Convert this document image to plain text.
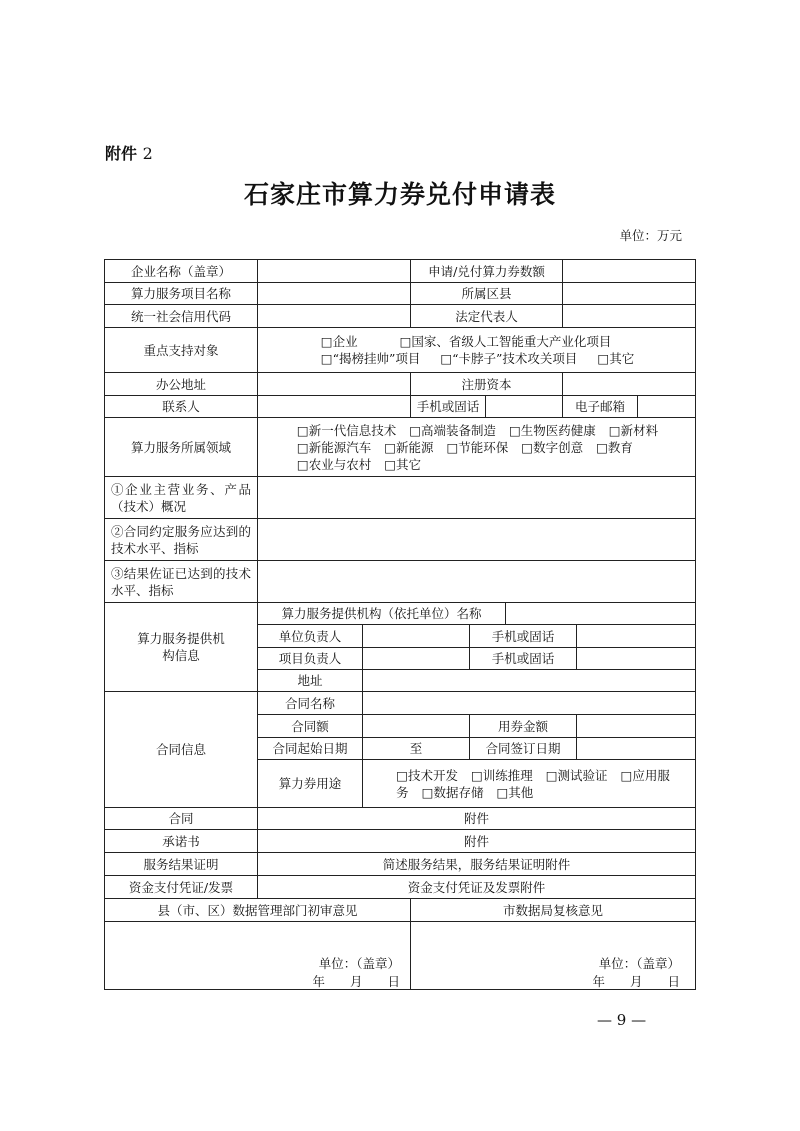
附件 2
石家庄市算力券兑付申请表
单位：万元
企业名称（盖章）	申请/兑付算力券数额
算力服务项目名称	所属区县
统一社会信用代码	法定代表人
重点支持对象
□企业	□国家、省级人工智能重大产业化项目
□“揭榜挂帅”项目 □“卡脖子”技术攻关项目 □其它
办公地址	注册资本
联系人	手机或固话	电子邮箱
算力服务所属领域
□新一代信息技术 □高端装备制造 □生物医药健康 □新材料
□新能源汽车 □新能源 □节能环保 □数字创意 □教育
□农业与农村 □其它
①企业主营业务、产品（技术）概况
②合同约定服务应达到的技术水平、指标
③结果佐证已达到的技术水平、指标
算力服务提供机构信息
算力服务提供机构（依托单位）名称
单位负责人	手机或固话
项目负责人	手机或固话
地址
合同信息
合同名称
合同额	用券金额
合同起始日期	至	合同签订日期
算力券用途
□技术开发 □训练推理 □测试验证 □应用服
务 □数据存储 □其他
合同	附件
承诺书	附件
服务结果证明	简述服务结果，服务结果证明附件
资金支付凭证/发票	资金支付凭证及发票附件
县（市、区）数据管理部门初审意见	市数据局复核意见
单位：（盖章）
年　　月　　日
单位：（盖章）
年　　月　　日
— 9 —
